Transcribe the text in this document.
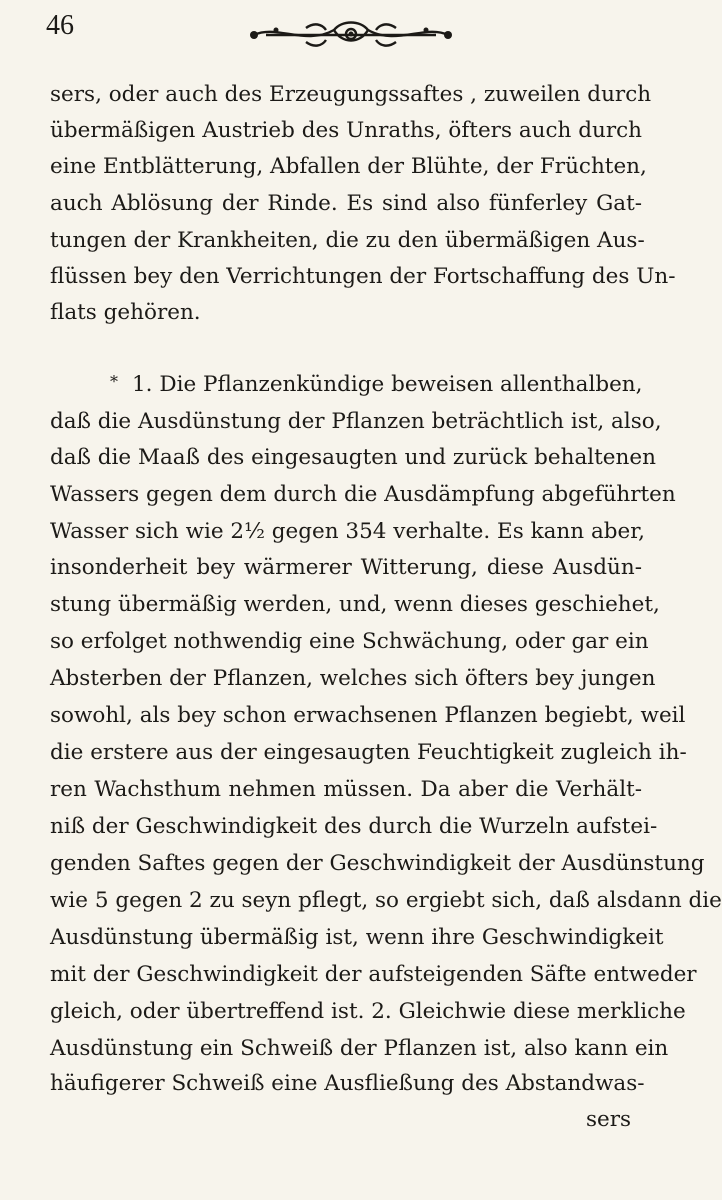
46
sers, oder auch des Erzeugungssaftes , zuweilen durch
übermäßigen Austrieb des Unraths, öfters auch durch
eine Entblätterung, Abfallen der Blühte, der Früchten,
auch Ablösung der Rinde. Es sind also fünferley Gat-
tungen der Krankheiten, die zu den übermäßigen Aus-
flüssen bey den Verrichtungen der Fortschaffung des Un-
flats gehören.
* 1. Die Pflanzenkündige beweisen allenthalben,
daß die Ausdünstung der Pflanzen beträchtlich ist, also,
daß die Maaß des eingesaugten und zurück behaltenen
Wassers gegen dem durch die Ausdämpfung abgeführten
Wasser sich wie 2½ gegen 354 verhalte. Es kann aber,
insonderheit bey wärmerer Witterung, diese Ausdün-
stung übermäßig werden, und, wenn dieses geschiehet,
so erfolget nothwendig eine Schwächung, oder gar ein
Absterben der Pflanzen, welches sich öfters bey jungen
sowohl, als bey schon erwachsenen Pflanzen begiebt, weil
die erstere aus der eingesaugten Feuchtigkeit zugleich ih-
ren Wachsthum nehmen müssen. Da aber die Verhält-
niß der Geschwindigkeit des durch die Wurzeln aufstei-
genden Saftes gegen der Geschwindigkeit der Ausdünstung
wie 5 gegen 2 zu seyn pflegt, so ergiebt sich, daß alsdann die
Ausdünstung übermäßig ist, wenn ihre Geschwindigkeit
mit der Geschwindigkeit der aufsteigenden Säfte entweder
gleich, oder übertreffend ist. 2. Gleichwie diese merkliche
Ausdünstung ein Schweiß der Pflanzen ist, also kann ein
häufigerer Schweiß eine Ausfließung des Abstandwas-
sers
